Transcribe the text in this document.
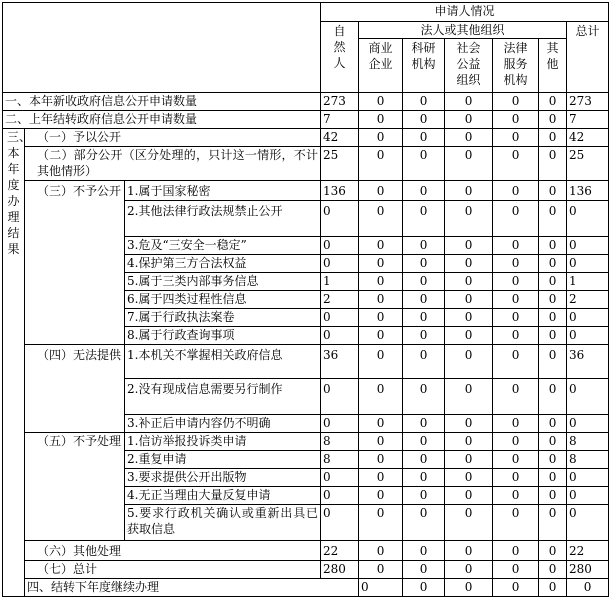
			申请人情况							
			自然人	法人或其他组织					总计	
				商业企业	科研机构	社会公益组织	法律服务机构	其他		
一、本年新收政府信息公开申请数量			273	0	0	0	0	0	273	
二、上年结转政府信息公开申请数量			7	0	0	0	0	0	7	

三、本年度办理结果	（一）予以公开		42	0	0	0	0	0	42	
	（二）部分公开（区分处理的，只计这一情形，不计其他情形）		25	0	0	0	0	0	25	
	（三）不予公开	1.属于国家秘密	136	0	0	0	0	0	136	
		2.其他法律行政法规禁止公开	0	0	0	0	0	0	0	
		3.危及“三安全一稳定”	0	0	0	0	0	0	0	
		4.保护第三方合法权益	0	0	0	0	0	0	0	
		5.属于三类内部事务信息	1	0	0	0	0	0	1	
		6.属于四类过程性信息	2	0	0	0	0	0	2	
		7.属于行政执法案卷	0	0	0	0	0	0	0	
		8.属于行政查询事项	0	0	0	0	0	0	0	
	（四）无法提供	1.本机关不掌握相关政府信息	36	0	0	0	0	0	36	
		2.没有现成信息需要另行制作	0	0	0	0	0	0	0	
		3.补正后申请内容仍不明确	0	0	0	0	0	0	0	
	（五）不予处理	1.信访举报投诉类申请	8	0	0	0	0	0	8	
		2.重复申请	8	0	0	0	0	0	8	
		3.要求提供公开出版物	0	0	0	0	0	0	0	
		4.无正当理由大量反复申请	0	0	0	0	0	0	0	
		5.要求行政机关确认或重新出具已获取信息	0	0	0	0	0	0	0	
	（六）其他处理		22	0	0	0	0	0	22	
	（七）总计		280	0	0	0	0	0	280	
	四、结转下年度继续办理			0	0	0	0	0	0	
